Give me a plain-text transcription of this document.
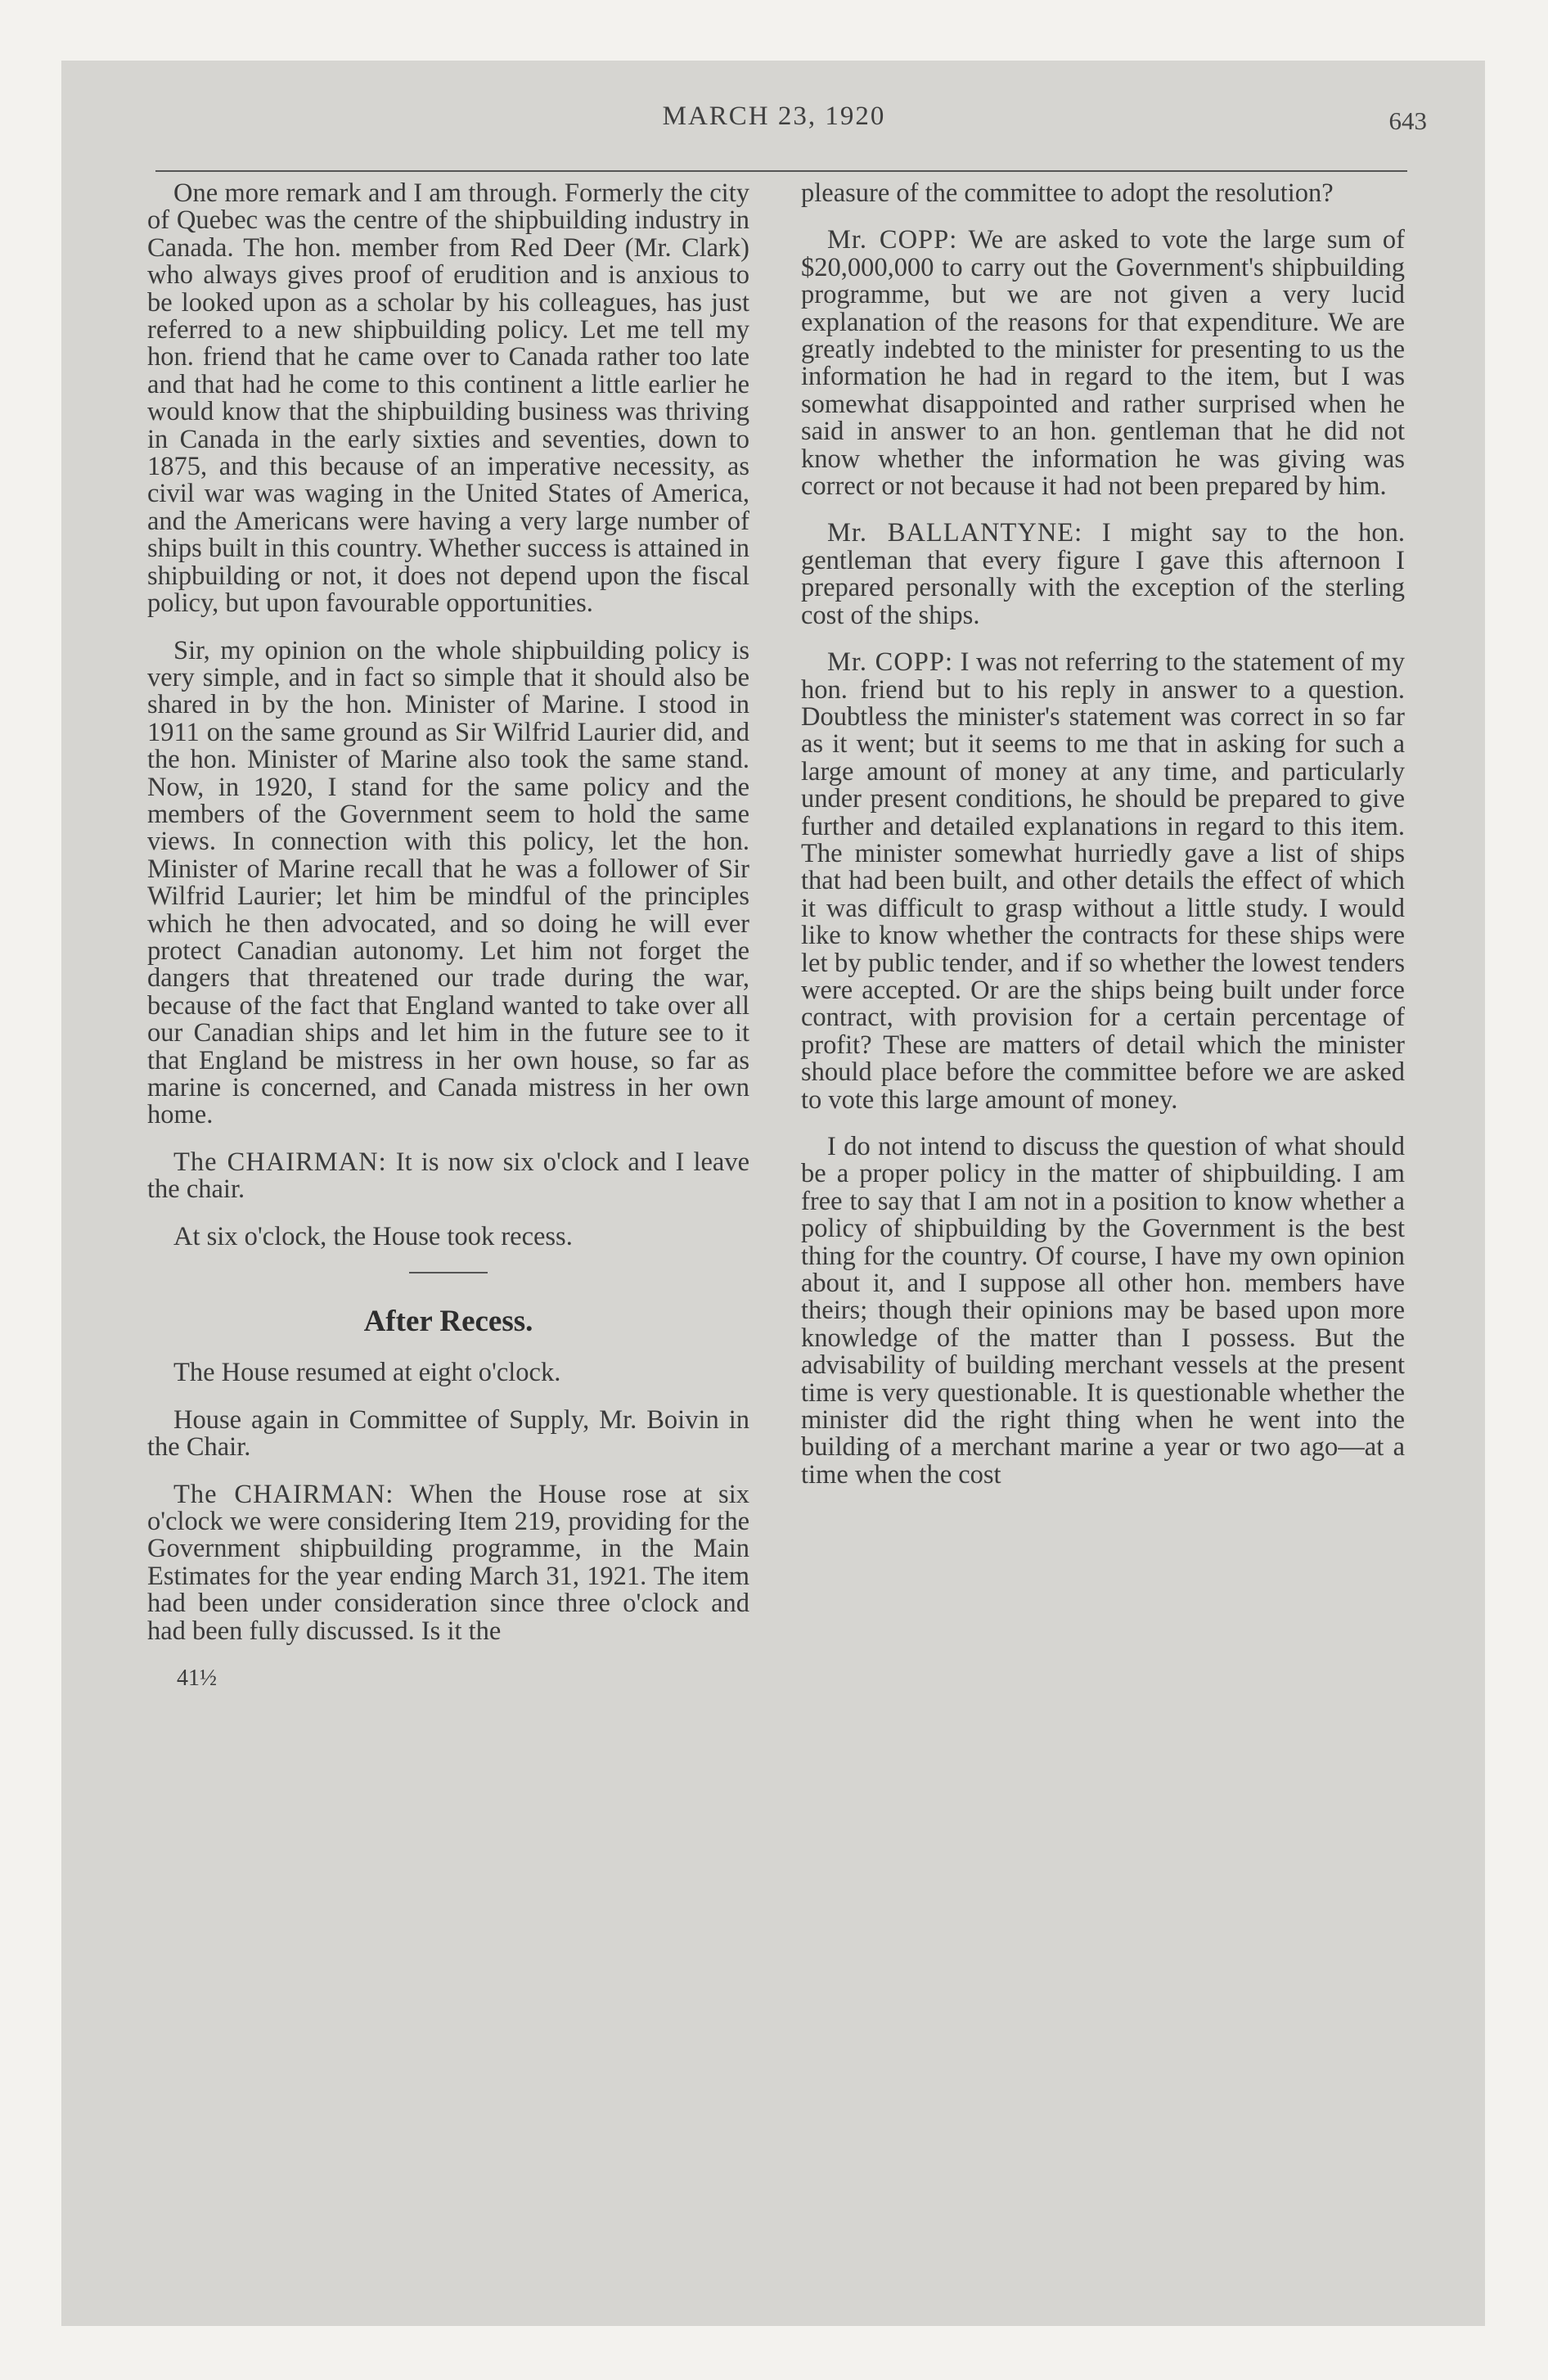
MARCH 23, 1920	643

One more remark and I am through. Formerly the city of Quebec was the centre of the shipbuilding industry in Canada. The hon. member from Red Deer (Mr. Clark) who always gives proof of erudition and is anxious to be looked upon as a scholar by his colleagues, has just referred to a new shipbuilding policy. Let me tell my hon. friend that he came over to Canada rather too late and that had he come to this continent a little earlier he would know that the shipbuilding business was thriving in Canada in the early sixties and seventies, down to 1875, and this because of an imperative necessity, as civil war was waging in the United States of America, and the Americans were having a very large number of ships built in this country. Whether success is attained in shipbuilding or not, it does not depend upon the fiscal policy, but upon favourable opportunities.

Sir, my opinion on the whole shipbuilding policy is very simple, and in fact so simple that it should also be shared in by the hon. Minister of Marine. I stood in 1911 on the same ground as Sir Wilfrid Laurier did, and the hon. Minister of Marine also took the same stand. Now, in 1920, I stand for the same policy and the members of the Government seem to hold the same views. In connection with this policy, let the hon. Minister of Marine recall that he was a follower of Sir Wilfrid Laurier; let him be mindful of the principles which he then advocated, and so doing he will ever protect Canadian autonomy. Let him not forget the dangers that threatened our trade during the war, because of the fact that England wanted to take over all our Canadian ships and let him in the future see to it that England be mistress in her own house, so far as marine is concerned, and Canada mistress in her own home.

The CHAIRMAN: It is now six o'clock and I leave the chair.

At six o'clock, the House took recess.

After Recess.

The House resumed at eight o'clock.

House again in Committee of Supply, Mr. Boivin in the Chair.

The CHAIRMAN: When the House rose at six o'clock we were considering Item 219, providing for the Government shipbuilding programme, in the Main Estimates for the year ending March 31, 1921. The item had been under consideration since three o'clock and had been fully discussed. Is it the

41½

pleasure of the committee to adopt the resolution?

Mr. COPP: We are asked to vote the large sum of $20,000,000 to carry out the Government's shipbuilding programme, but we are not given a very lucid explanation of the reasons for that expenditure. We are greatly indebted to the minister for presenting to us the information he had in regard to the item, but I was somewhat disappointed and rather surprised when he said in answer to an hon. gentleman that he did not know whether the information he was giving was correct or not because it had not been prepared by him.

Mr. BALLANTYNE: I might say to the hon. gentleman that every figure I gave this afternoon I prepared personally with the exception of the sterling cost of the ships.

Mr. COPP: I was not referring to the statement of my hon. friend but to his reply in answer to a question. Doubtless the minister's statement was correct in so far as it went; but it seems to me that in asking for such a large amount of money at any time, and particularly under present conditions, he should be prepared to give further and detailed explanations in regard to this item. The minister somewhat hurriedly gave a list of ships that had been built, and other details the effect of which it was difficult to grasp without a little study. I would like to know whether the contracts for these ships were let by public tender, and if so whether the lowest tenders were accepted. Or are the ships being built under force contract, with provision for a certain percentage of profit? These are matters of detail which the minister should place before the committee before we are asked to vote this large amount of money.

I do not intend to discuss the question of what should be a proper policy in the matter of shipbuilding. I am free to say that I am not in a position to know whether a policy of shipbuilding by the Government is the best thing for the country. Of course, I have my own opinion about it, and I suppose all other hon. members have theirs; though their opinions may be based upon more knowledge of the matter than I possess. But the advisability of building merchant vessels at the present time is very questionable. It is questionable whether the minister did the right thing when he went into the building of a merchant marine a year or two ago—at a time when the cost
